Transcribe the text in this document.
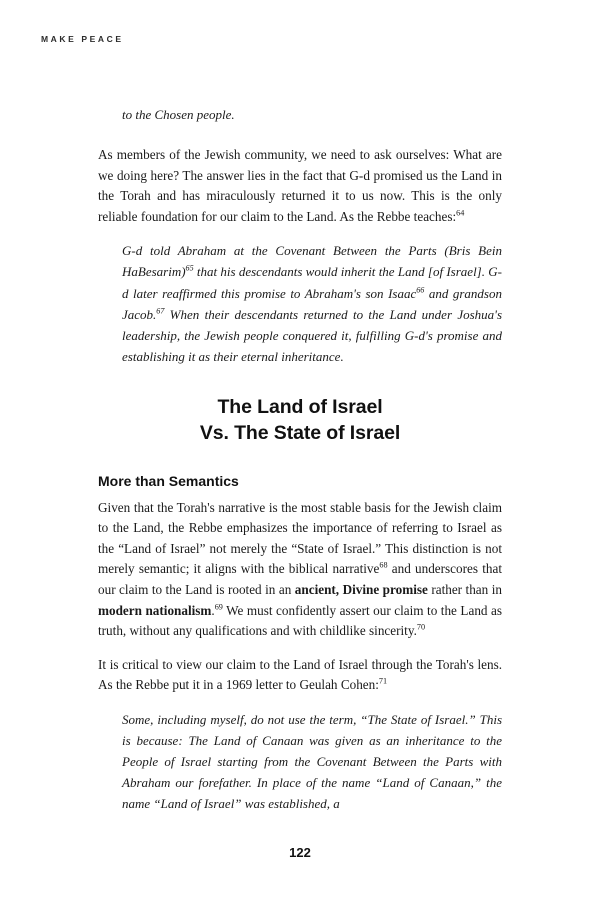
MAKE PEACE

to the Chosen people.

As members of the Jewish community, we need to ask ourselves: What are we doing here? The answer lies in the fact that G-d promised us the Land in the Torah and has miraculously returned it to us now. This is the only reliable foundation for our claim to the Land. As the Rebbe teaches:$^{64}$

G-d told Abraham at the Covenant Between the Parts (Bris Bein HaBesarim)$^{65}$ that his descendants would inherit the Land [of Israel]. G-d later reaffirmed this promise to Abraham's son Isaac$^{66}$ and grandson Jacob.$^{67}$ When their descendants returned to the Land under Joshua's leadership, the Jewish people conquered it, fulfilling G-d's promise and establishing it as their eternal inheritance.

The Land of Israel
Vs. The State of Israel
More than Semantics

Given that the Torah's narrative is the most stable basis for the Jewish claim to the Land, the Rebbe emphasizes the importance of referring to Israel as the “Land of Israel” not merely the “State of Israel.” This distinction is not merely semantic; it aligns with the biblical narrative$^{68}$ and underscores that our claim to the Land is rooted in an ancient, Divine promise rather than in modern nationalism.$^{69}$ We must confidently assert our claim to the Land as truth, without any qualifications and with childlike sincerity.$^{70}$

It is critical to view our claim to the Land of Israel through the Torah's lens. As the Rebbe put it in a 1969 letter to Geulah Cohen:$^{71}$

Some, including myself, do not use the term, “The State of Israel.” This is because: The Land of Canaan was given as an inheritance to the People of Israel starting from the Covenant Between the Parts with Abraham our forefather. In place of the name “Land of Canaan,” the name “Land of Israel” was established, a

122
